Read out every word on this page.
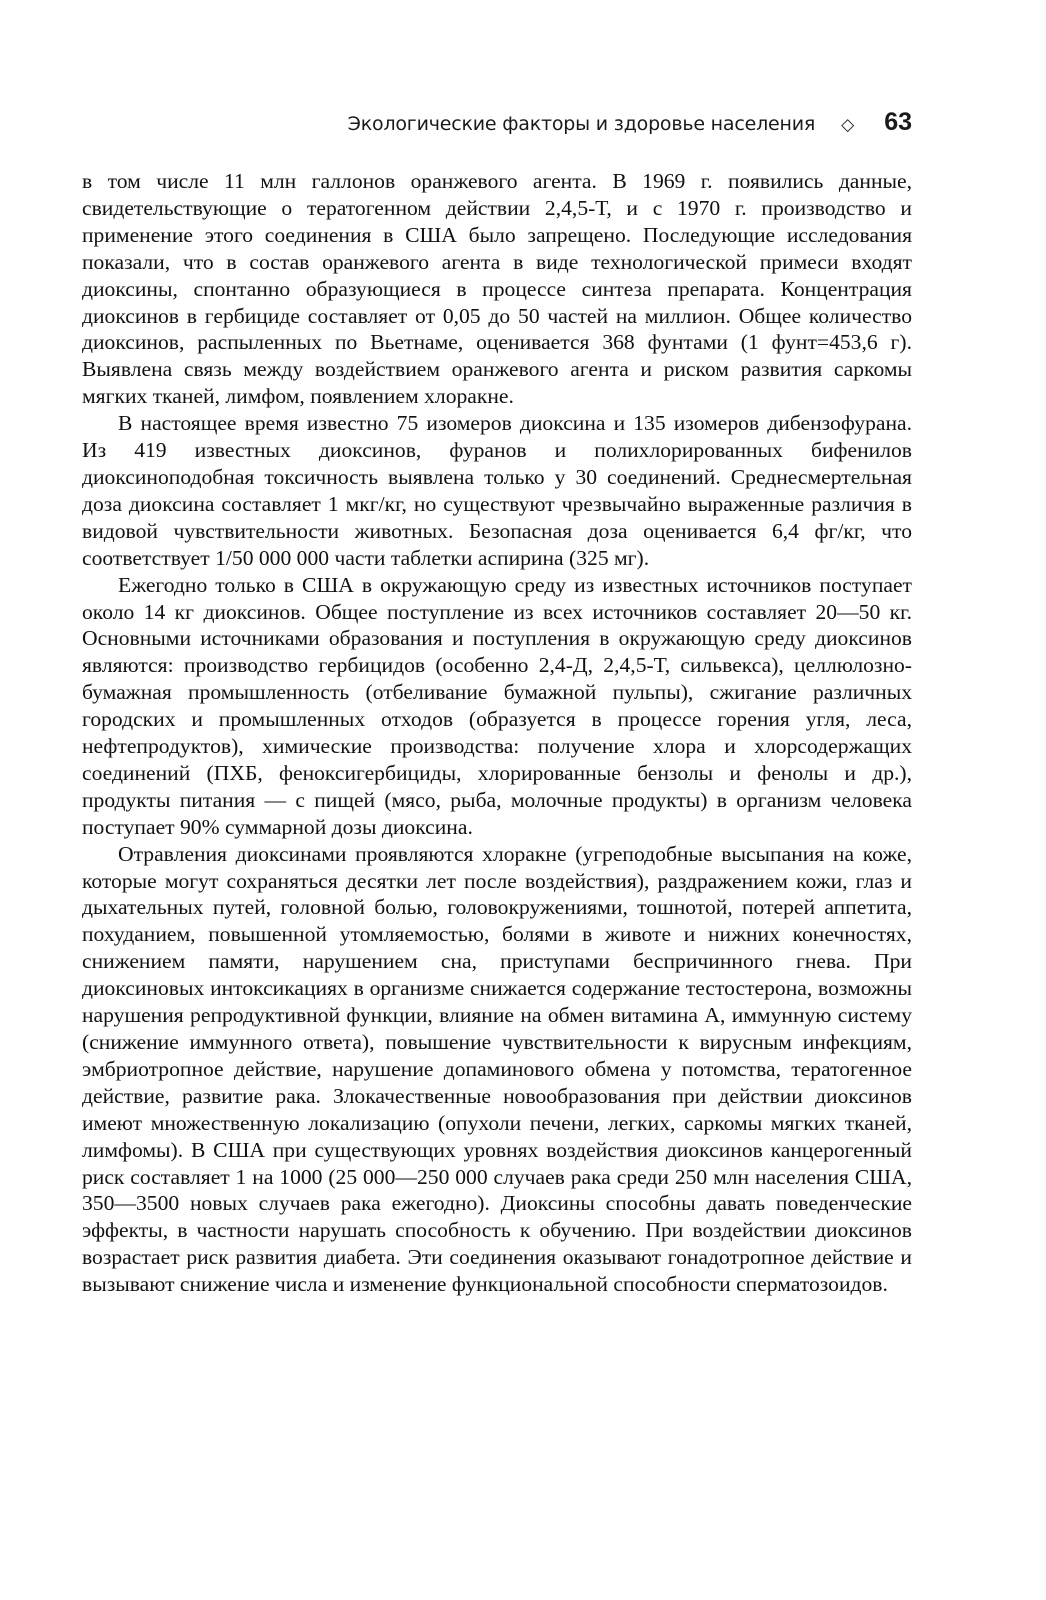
Экологические факторы и здоровье населения ◇ 63

в том числе 11 млн галлонов оранжевого агента. В 1969 г. появились данные, свидетельствующие о тератогенном действии 2,4,5-Т, и с 1970 г. производство и применение этого соединения в США было запрещено. Последующие исследования показали, что в состав оранжевого агента в виде технологической примеси входят диоксины, спонтанно образующиеся в процессе синтеза препарата. Концентрация диоксинов в гербициде составляет от 0,05 до 50 частей на миллион. Общее количество диоксинов, распыленных по Вьетнаме, оценивается 368 фунтами (1 фунт=453,6 г). Выявлена связь между воздействием оранжевого агента и риском развития саркомы мягких тканей, лимфом, появлением хлоракне.

В настоящее время известно 75 изомеров диоксина и 135 изомеров дибензофурана. Из 419 известных диоксинов, фуранов и полихлорированных бифенилов диоксиноподобная токсичность выявлена только у 30 соединений. Среднесмертельная доза диоксина составляет 1 мкг/кг, но существуют чрезвычайно выраженные различия в видовой чувствительности животных. Безопасная доза оценивается 6,4 фг/кг, что соответствует 1/50 000 000 части таблетки аспирина (325 мг).

Ежегодно только в США в окружающую среду из известных источников поступает около 14 кг диоксинов. Общее поступление из всех источников составляет 20—50 кг. Основными источниками образования и поступления в окружающую среду диоксинов являются: производство гербицидов (особенно 2,4-Д, 2,4,5-Т, сильвекса), целлюлозно-бумажная промышленность (отбеливание бумажной пульпы), сжигание различных городских и промышленных отходов (образуется в процессе горения угля, леса, нефтепродуктов), химические производства: получение хлора и хлорсодержащих соединений (ПХБ, феноксигербициды, хлорированные бензолы и фенолы и др.), продукты питания — с пищей (мясо, рыба, молочные продукты) в организм человека поступает 90% суммарной дозы диоксина.

Отравления диоксинами проявляются хлоракне (угреподобные высыпания на коже, которые могут сохраняться десятки лет после воздействия), раздражением кожи, глаз и дыхательных путей, головной болью, головокружениями, тошнотой, потерей аппетита, похуданием, повышенной утомляемостью, болями в животе и нижних конечностях, снижением памяти, нарушением сна, приступами беспричинного гнева. При диоксиновых интоксикациях в организме снижается содержание тестостерона, возможны нарушения репродуктивной функции, влияние на обмен витамина А, иммунную систему (снижение иммунного ответа), повышение чувствительности к вирусным инфекциям, эмбриотропное действие, нарушение допаминового обмена у потомства, тератогенное действие, развитие рака. Злокачественные новообразования при действии диоксинов имеют множественную локализацию (опухоли печени, легких, саркомы мягких тканей, лимфомы). В США при существующих уровнях воздействия диоксинов канцерогенный риск составляет 1 на 1000 (25 000—250 000 случаев рака среди 250 млн населения США, 350—3500 новых случаев рака ежегодно). Диоксины способны давать поведенческие эффекты, в частности нарушать способность к обучению. При воздействии диоксинов возрастает риск развития диабета. Эти соединения оказывают гонадотропное действие и вызывают снижение числа и изменение функциональной способности сперматозоидов.
